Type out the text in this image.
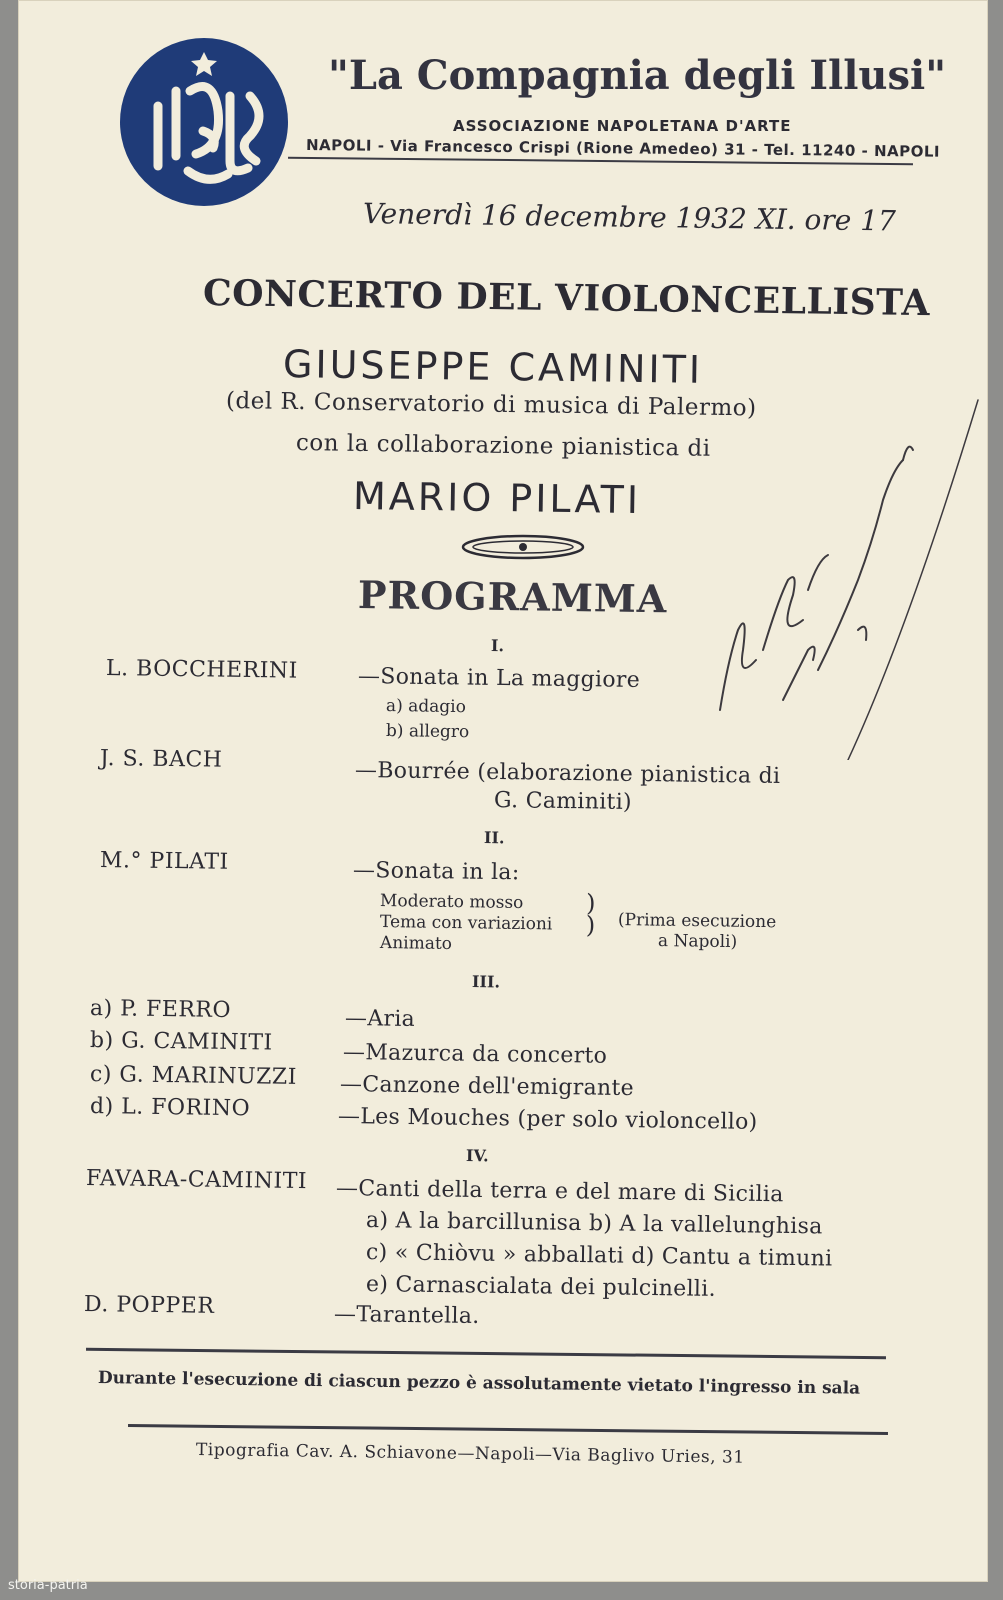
"La Compagnia degli Illusi"
ASSOCIAZIONE NAPOLETANA D'ARTE
NAPOLI - Via Francesco Crispi (Rione Amedeo) 31 - Tel. 11240 - NAPOLI
Venerdì 16 decembre 1932 XI. ore 17
CONCERTO DEL VIOLONCELLISTA
GIUSEPPE CAMINITI
(del R. Conservatorio di musica di Palermo)
con la collaborazione pianistica di
MARIO PILATI
PROGRAMMA
I.
L. BOCCHERINI	—Sonata in La maggiore
a) adagio
b) allegro
J. S. BACH	—Bourrée (elaborazione pianistica di
G. Caminiti)
II.
M.° PILATI	—Sonata in la:
Moderato mosso
Tema con variazioni
Animato
)
) (Prima esecuzione
a Napoli)
III.
a) P. FERRO	—Aria
b) G. CAMINITI	—Mazurca da concerto
c) G. MARINUZZI —Canzone dell'emigrante
d) L. FORINO	—Les Mouches (per solo violoncello)
IV.
FAVARA-CAMINITI —Canti della terra e del mare di Sicilia
a) A la barcillunisa b) A la vallelunghisa
c) « Chiòvu » abballati d) Cantu a timuni
e) Carnascialata dei pulcinelli.
D. POPPER	—Tarantella.
Durante l'esecuzione di ciascun pezzo è assolutamente vietato l'ingresso in sala
Tipografia Cav. A. Schiavone—Napoli—Via Baglivo Uries, 31
storia-patria
